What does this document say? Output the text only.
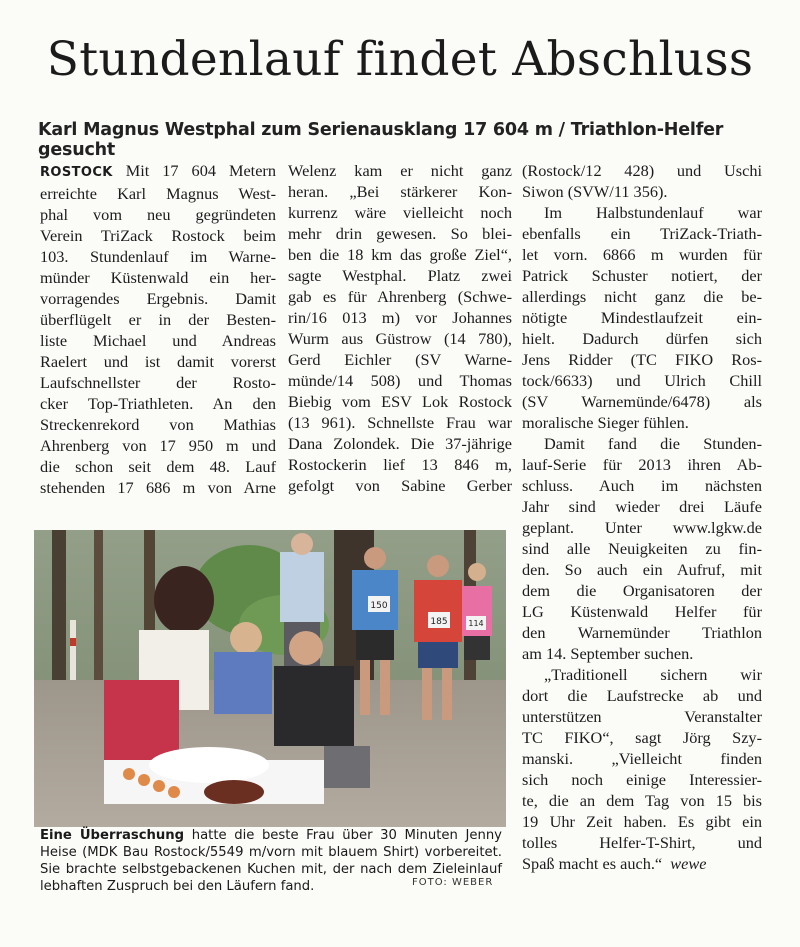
Stundenlauf findet Abschluss
Karl Magnus Westphal zum Serienausklang 17 604 m / Triathlon-Helfer gesucht

ROSTOCK Mit 17 604 Metern
erreichte Karl Magnus West-
phal vom neu gegründeten
Verein TriZack Rostock beim
103. Stundenlauf im Warne-
münder Küstenwald ein her-
vorragendes Ergebnis. Damit
überflügelt er in der Besten-
liste Michael und Andreas
Raelert und ist damit vorerst
Laufschnellster der Rosto-
cker Top-Triathleten. An den
Streckenrekord von Mathias
Ahrenberg von 17 950 m und
die schon seit dem 48. Lauf
stehenden 17 686 m von Arne

Welenz kam er nicht ganz
heran. „Bei stärkerer Kon-
kurrenz wäre vielleicht noch
mehr drin gewesen. So blei-
ben die 18 km das große Ziel“,
sagte Westphal. Platz zwei
gab es für Ahrenberg (Schwe-
rin/16 013 m) vor Johannes
Wurm aus Güstrow (14 780),
Gerd Eichler (SV Warne-
münde/14 508) und Thomas
Biebig vom ESV Lok Rostock
(13 961). Schnellste Frau war
Dana Zolondek. Die 37-jährige
Rostockerin lief 13 846 m,
gefolgt von Sabine Gerber

(Rostock/12 428) und Uschi
Siwon (SVW/11 356).
Im Halbstundenlauf war
ebenfalls ein TriZack-Triath-
let vorn. 6866 m wurden für
Patrick Schuster notiert, der
allerdings nicht ganz die be-
nötigte Mindestlaufzeit ein-
hielt. Dadurch dürfen sich
Jens Ridder (TC FIKO Ros-
tock/6633) und Ulrich Chill
(SV Warnemünde/6478) als
moralische Sieger fühlen.
Damit fand die Stunden-
lauf-Serie für 2013 ihren Ab-
schluss. Auch im nächsten
Jahr sind wieder drei Läufe
geplant. Unter www.lgkw.de
sind alle Neuigkeiten zu fin-
den. So auch ein Aufruf, mit
dem die Organisatoren der
LG Küstenwald Helfer für
den Warnemünder Triathlon
am 14. September suchen.
„Traditionell sichern wir
dort die Laufstrecke ab und
unterstützen Veranstalter
TC FIKO“, sagt Jörg Szy-
manski. „Vielleicht finden
sich noch einige Interessier-
te, die an dem Tag von 15 bis
19 Uhr Zeit haben. Es gibt ein
tolles Helfer-T-Shirt, und
Spaß macht es auch.“ wewe

150
185	114

Eine Überraschung hatte die beste Frau über 30 Minuten Jenny Heise (MDK Bau Rostock/5549 m/vorn mit blauem Shirt) vorbereitet. Sie brachte selbstgebackenen Kuchen mit, der nach dem Zieleinlauf lebhaften Zuspruch bei den Läufern fand.	FOTO: WEBER
